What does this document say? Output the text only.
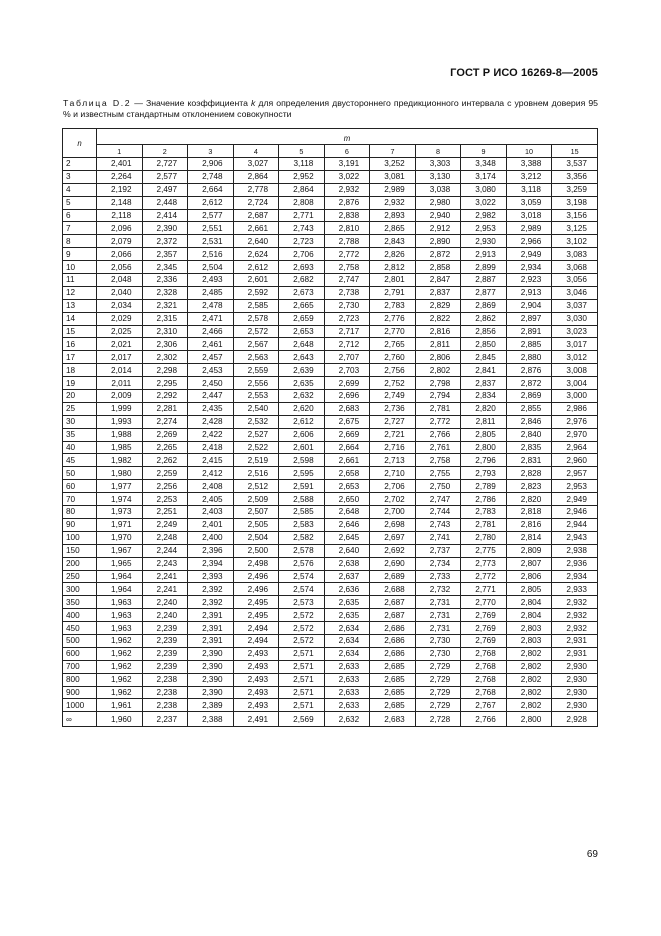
ГОСТ Р ИСО 16269-8—2005
Таблица D.2 — Значение коэффициента k для определения двустороннего предикционного интервала с уровнем доверия 95 % и известным стандартным отклонением совокупности
n	m										
	1	2	3	4	5	6	7	8	9	10	15
2	2,401	2,727	2,906	3,027	3,118	3,191	3,252	3,303	3,348	3,388	3,537
3	2,264	2,577	2,748	2,864	2,952	3,022	3,081	3,130	3,174	3,212	3,356
4	2,192	2,497	2,664	2,778	2,864	2,932	2,989	3,038	3,080	3,118	3,259
5	2,148	2,448	2,612	2,724	2,808	2,876	2,932	2,980	3,022	3,059	3,198
6	2,118	2,414	2,577	2,687	2,771	2,838	2,893	2,940	2,982	3,018	3,156
7	2,096	2,390	2,551	2,661	2,743	2,810	2,865	2,912	2,953	2,989	3,125
8	2,079	2,372	2,531	2,640	2,723	2,788	2,843	2,890	2,930	2,966	3,102
9	2,066	2,357	2,516	2,624	2,706	2,772	2,826	2,872	2,913	2,949	3,083
10	2,056	2,345	2,504	2,612	2,693	2,758	2,812	2,858	2,899	2,934	3,068
11	2,048	2,336	2,493	2,601	2,682	2,747	2,801	2,847	2,887	2,923	3,056
12	2,040	2,328	2,485	2,592	2,673	2,738	2,791	2,837	2,877	2,913	3,046
13	2,034	2,321	2,478	2,585	2,665	2,730	2,783	2,829	2,869	2,904	3,037
14	2,029	2,315	2,471	2,578	2,659	2,723	2,776	2,822	2,862	2,897	3,030
15	2,025	2,310	2,466	2,572	2,653	2,717	2,770	2,816	2,856	2,891	3,023
16	2,021	2,306	2,461	2,567	2,648	2,712	2,765	2,811	2,850	2,885	3,017
17	2,017	2,302	2,457	2,563	2,643	2,707	2,760	2,806	2,845	2,880	3,012
18	2,014	2,298	2,453	2,559	2,639	2,703	2,756	2,802	2,841	2,876	3,008
19	2,011	2,295	2,450	2,556	2,635	2,699	2,752	2,798	2,837	2,872	3,004
20	2,009	2,292	2,447	2,553	2,632	2,696	2,749	2,794	2,834	2,869	3,000
25	1,999	2,281	2,435	2,540	2,620	2,683	2,736	2,781	2,820	2,855	2,986
30	1,993	2,274	2,428	2,532	2,612	2,675	2,727	2,772	2,811	2,846	2,976
35	1,988	2,269	2,422	2,527	2,606	2,669	2,721	2,766	2,805	2,840	2,970
40	1,985	2,265	2,418	2,522	2,601	2,664	2,716	2,761	2,800	2,835	2,964
45	1,982	2,262	2,415	2,519	2,598	2,661	2,713	2,758	2,796	2,831	2,960
50	1,980	2,259	2,412	2,516	2,595	2,658	2,710	2,755	2,793	2,828	2,957
60	1,977	2,256	2,408	2,512	2,591	2,653	2,706	2,750	2,789	2,823	2,953
70	1,974	2,253	2,405	2,509	2,588	2,650	2,702	2,747	2,786	2,820	2,949
80	1,973	2,251	2,403	2,507	2,585	2,648	2,700	2,744	2,783	2,818	2,946
90	1,971	2,249	2,401	2,505	2,583	2,646	2,698	2,743	2,781	2,816	2,944
100	1,970	2,248	2,400	2,504	2,582	2,645	2,697	2,741	2,780	2,814	2,943
150	1,967	2,244	2,396	2,500	2,578	2,640	2,692	2,737	2,775	2,809	2,938
200	1,965	2,243	2,394	2,498	2,576	2,638	2,690	2,734	2,773	2,807	2,936
250	1,964	2,241	2,393	2,496	2,574	2,637	2,689	2,733	2,772	2,806	2,934
300	1,964	2,241	2,392	2,496	2,574	2,636	2,688	2,732	2,771	2,805	2,933
350	1,963	2,240	2,392	2,495	2,573	2,635	2,687	2,731	2,770	2,804	2,932
400	1,963	2,240	2,391	2,495	2,572	2,635	2,687	2,731	2,769	2,804	2,932
450	1,963	2,239	2,391	2,494	2,572	2,634	2,686	2,731	2,769	2,803	2,932
500	1,962	2,239	2,391	2,494	2,572	2,634	2,686	2,730	2,769	2,803	2,931
600	1,962	2,239	2,390	2,493	2,571	2,634	2,686	2,730	2,768	2,802	2,931
700	1,962	2,239	2,390	2,493	2,571	2,633	2,685	2,729	2,768	2,802	2,930
800	1,962	2,238	2,390	2,493	2,571	2,633	2,685	2,729	2,768	2,802	2,930
900	1,962	2,238	2,390	2,493	2,571	2,633	2,685	2,729	2,768	2,802	2,930
1000	1,961	2,238	2,389	2,493	2,571	2,633	2,685	2,729	2,767	2,802	2,930
∞	1,960	2,237	2,388	2,491	2,569	2,632	2,683	2,728	2,766	2,800	2,928
69
